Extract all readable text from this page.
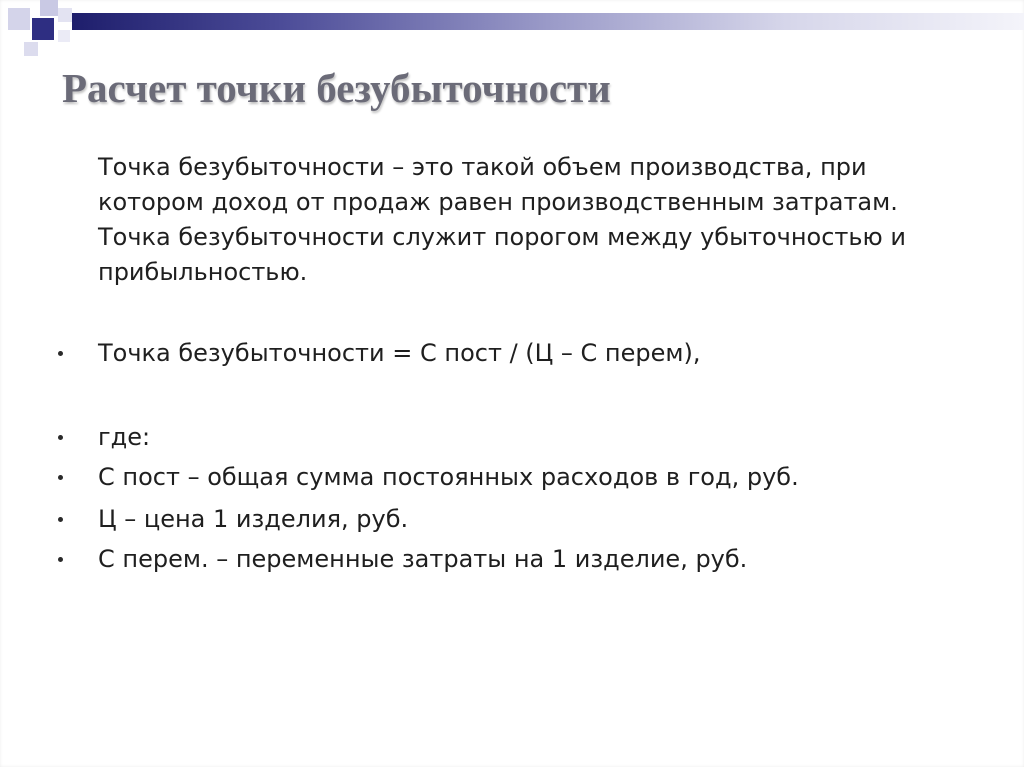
Расчет точки безубыточности

Точка безубыточности – это такой объем производства, при
котором доход от продаж равен производственным затратам.
Точка безубыточности служит порогом между убыточностью и
прибыльностью.

Точка безубыточности = С пост / (Ц – С перем),
где:
С пост – общая сумма постоянных расходов в год, руб.
Ц – цена 1 изделия, руб.
С перем. – переменные затраты на 1 изделие, руб.
